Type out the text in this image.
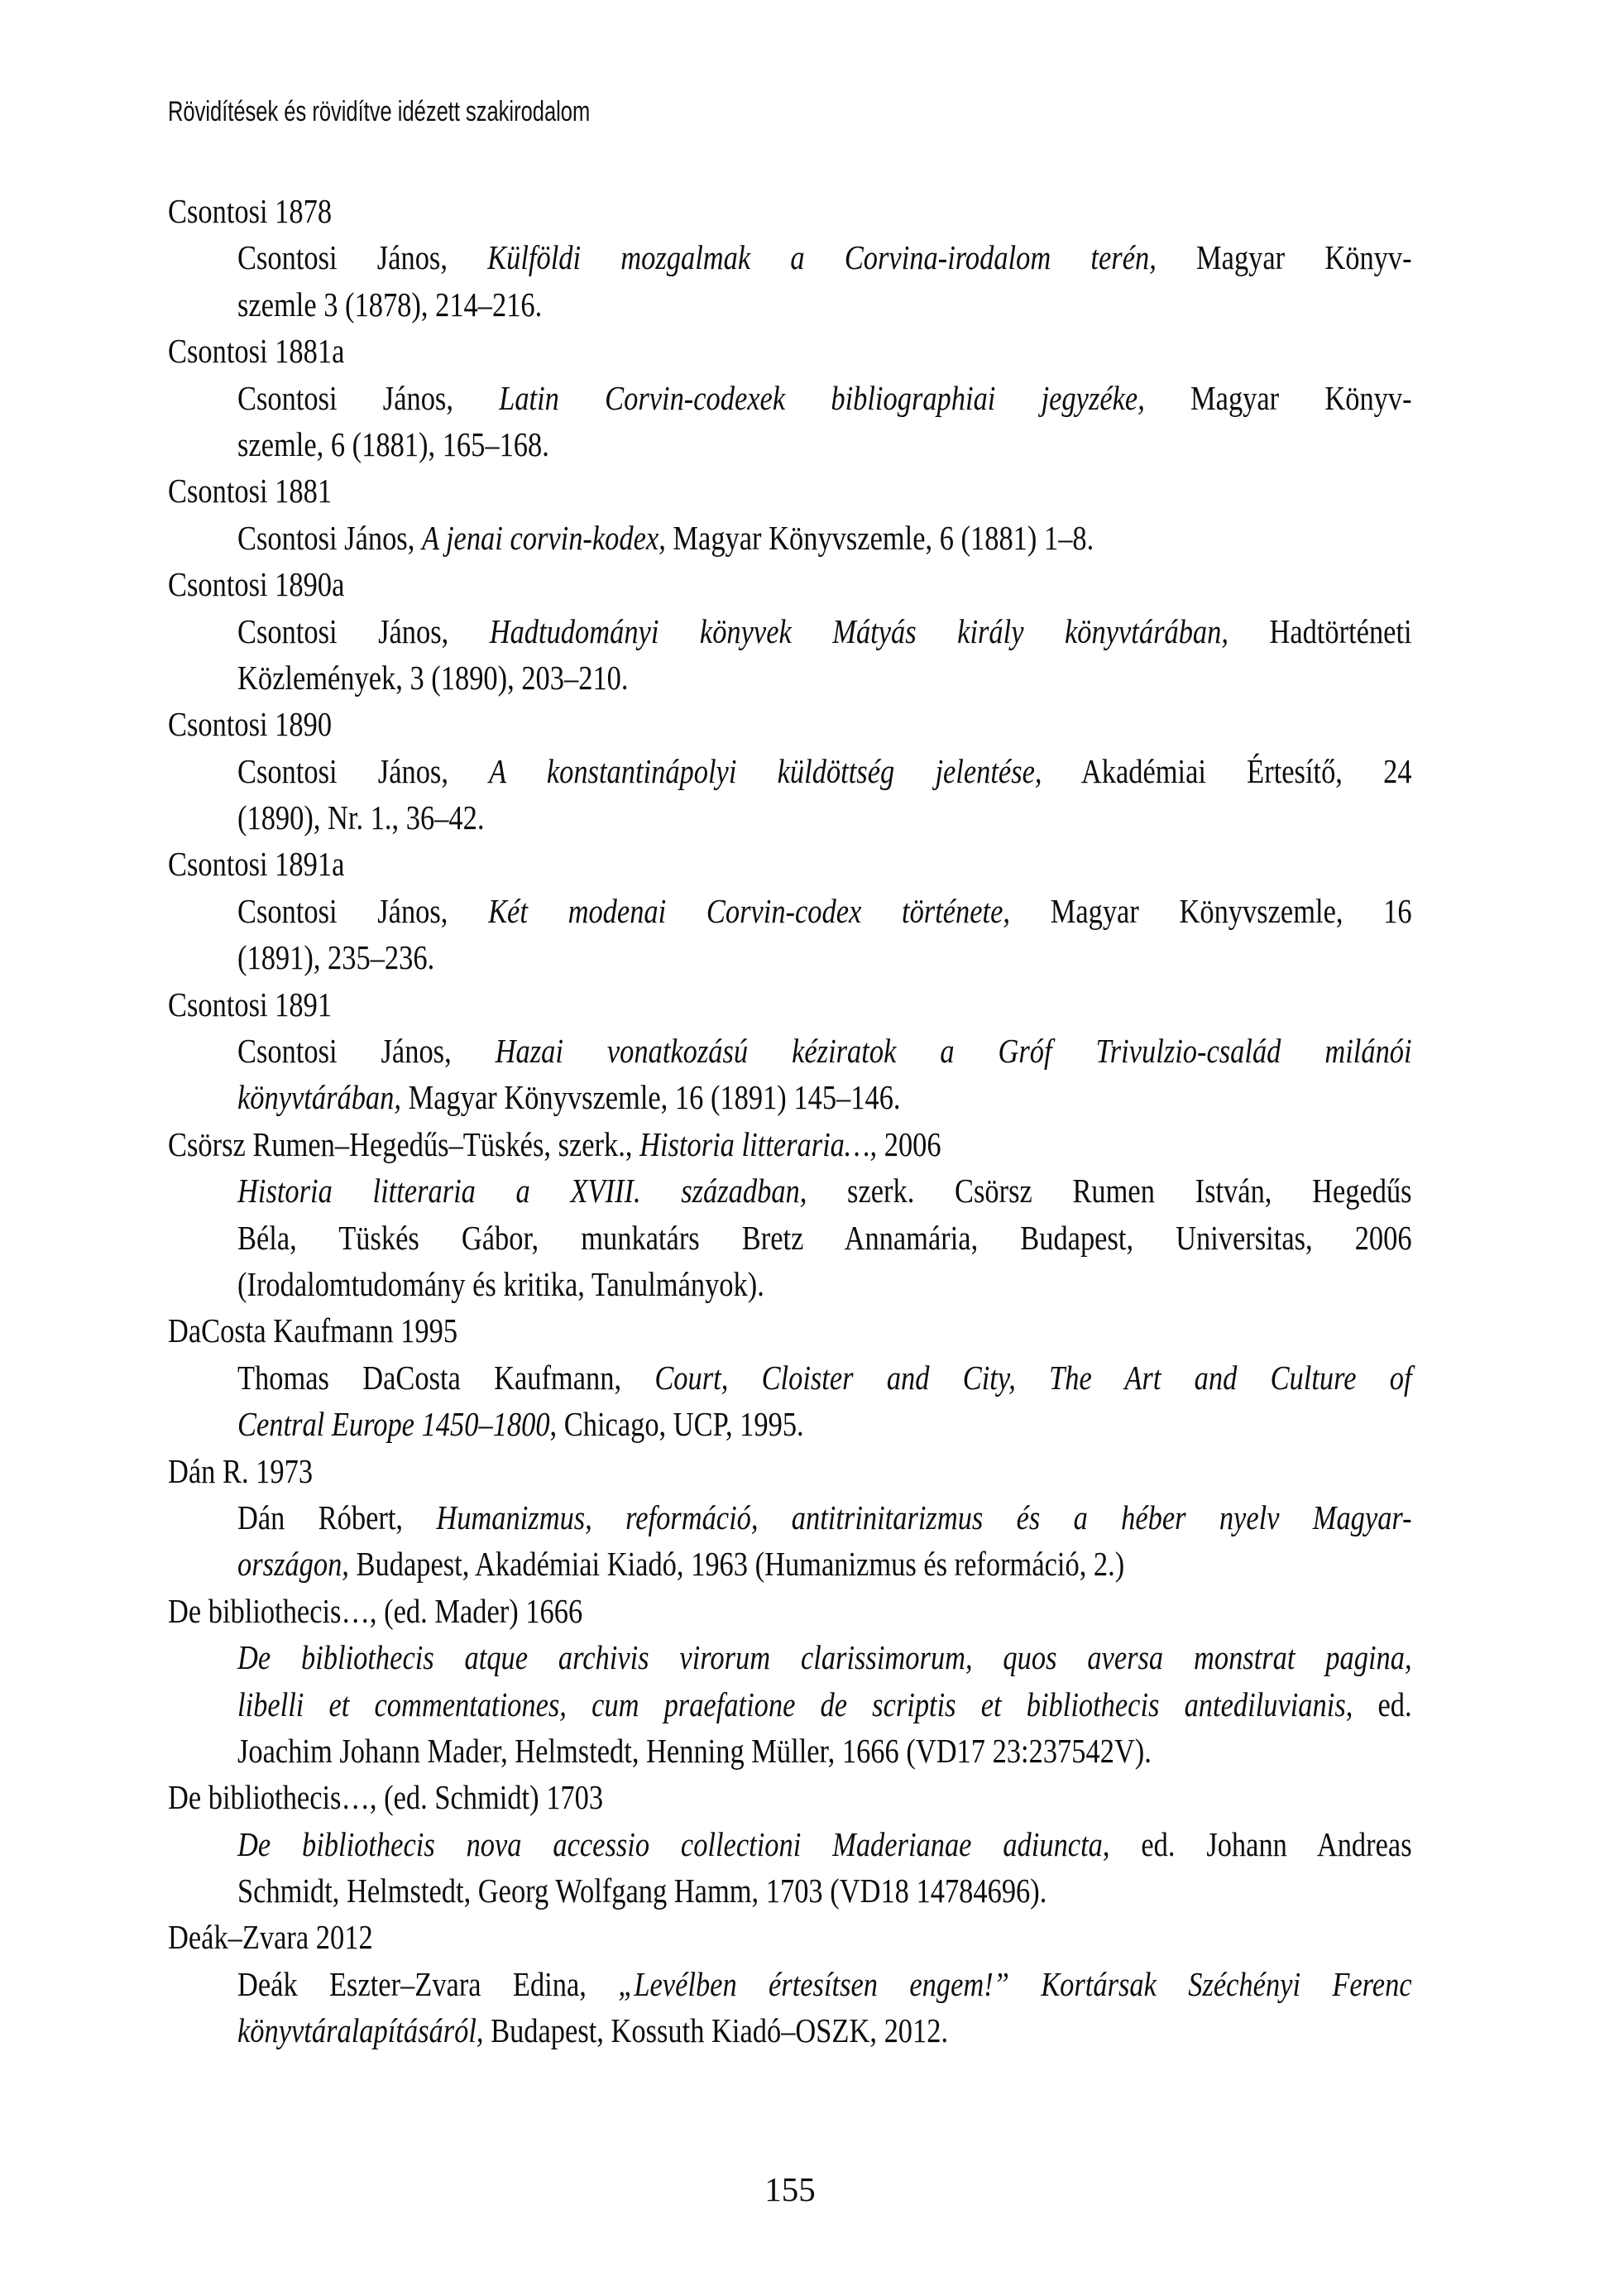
Rövidítések és rövidítve idézett szakirodalom
Csontosi 1878
Csontosi János, Külföldi mozgalmak a Corvina-irodalom terén, Magyar Könyv-
szemle 3 (1878), 214–216.
Csontosi 1881a
Csontosi János, Latin Corvin-codexek bibliographiai jegyzéke, Magyar Könyv-
szemle, 6 (1881), 165–168.
Csontosi 1881
Csontosi János, A jenai corvin-kodex, Magyar Könyvszemle, 6 (1881) 1–8.
Csontosi 1890a
Csontosi János, Hadtudományi könyvek Mátyás király könyvtárában, Hadtörténeti
Közlemények, 3 (1890), 203–210.
Csontosi 1890
Csontosi János, A konstantinápolyi küldöttség jelentése, Akadémiai Értesítő, 24
(1890), Nr. 1., 36–42.
Csontosi 1891a
Csontosi János, Két modenai Corvin-codex története, Magyar Könyvszemle, 16
(1891), 235–236.
Csontosi 1891
Csontosi János, Hazai vonatkozású kéziratok a Gróf Trivulzio-család milánói
könyvtárában, Magyar Könyvszemle, 16 (1891) 145–146.
Csörsz Rumen–Hegedűs–Tüskés, szerk., Historia litteraria…, 2006
Historia litteraria a XVIII. században, szerk. Csörsz Rumen István, Hegedűs
Béla, Tüskés Gábor, munkatárs Bretz Annamária, Budapest, Universitas, 2006
(Irodalomtudomány és kritika, Tanulmányok).
DaCosta Kaufmann 1995
Thomas DaCosta Kaufmann, Court, Cloister and City, The Art and Culture of
Central Europe 1450–1800, Chicago, UCP, 1995.
Dán R. 1973
Dán Róbert, Humanizmus, reformáció, antitrinitarizmus és a héber nyelv Magyar-
országon, Budapest, Akadémiai Kiadó, 1963 (Humanizmus és reformáció, 2.)
De bibliothecis…, (ed. Mader) 1666
De bibliothecis atque archivis virorum clarissimorum, quos aversa monstrat pagina,
libelli et commentationes, cum praefatione de scriptis et bibliothecis antediluvianis, ed.
Joachim Johann Mader, Helmstedt, Henning Müller, 1666 (VD17 23:237542V).
De bibliothecis…, (ed. Schmidt) 1703
De bibliothecis nova accessio collectioni Maderianae adiuncta, ed. Johann Andreas
Schmidt, Helmstedt, Georg Wolfgang Hamm, 1703 (VD18 14784696).
Deák–Zvara 2012
Deák Eszter–Zvara Edina, „Levélben értesítsen engem!” Kortársak Széchényi Ferenc
könyvtáralapításáról, Budapest, Kossuth Kiadó–OSZK, 2012.
155
